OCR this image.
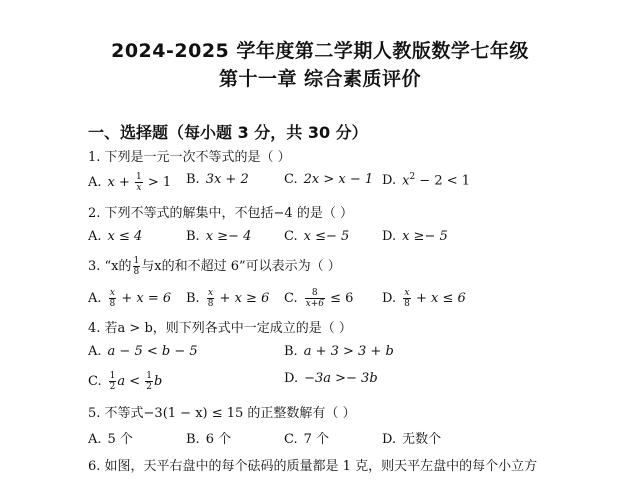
2024-2025 学年度第二学期人教版数学七年级
第十一章 综合素质评价
一、选择题（每小题 3 分，共 30 分）
1. 下列是一元一次不等式的是（ ）
A. $x + \frac{1}{x} > 1$ B. 3x + 2	C. 2x > x − 1 D. $x^2 - 2 < 1$
2. 下列不等式的解集中，不包括−4 的是（ ）
A. x ≤ 4	B. x ≥− 4	C. x ≤− 5	D. x ≥− 5
3. “x的 $\frac{1}{8}$ 与x的和不超过 6”可以表示为（ ）
A. $\frac{x}{8} + x = 6$ B. $\frac{x}{8} + x \ge 6$ C. $\frac{8}{x+6} \le 6$ D. $\frac{x}{8} + x \le 6$
4. 若a > b，则下列各式中一定成立的是（ ）
A. a − 5 < b − 5	B. a + 3 > 3 + b
C. $\frac{1}{2}$ $a < \frac{1}{2}$ b	D. −3a >− 3b
5. 不等式−3(1 − x) ≤ 15 的正整数解有（ ）
A. 5 个	B. 6 个	C. 7 个	D. 无数个
6. 如图，天平右盘中的每个砝码的质量都是 1 克，则天平左盘中的每个小立方
